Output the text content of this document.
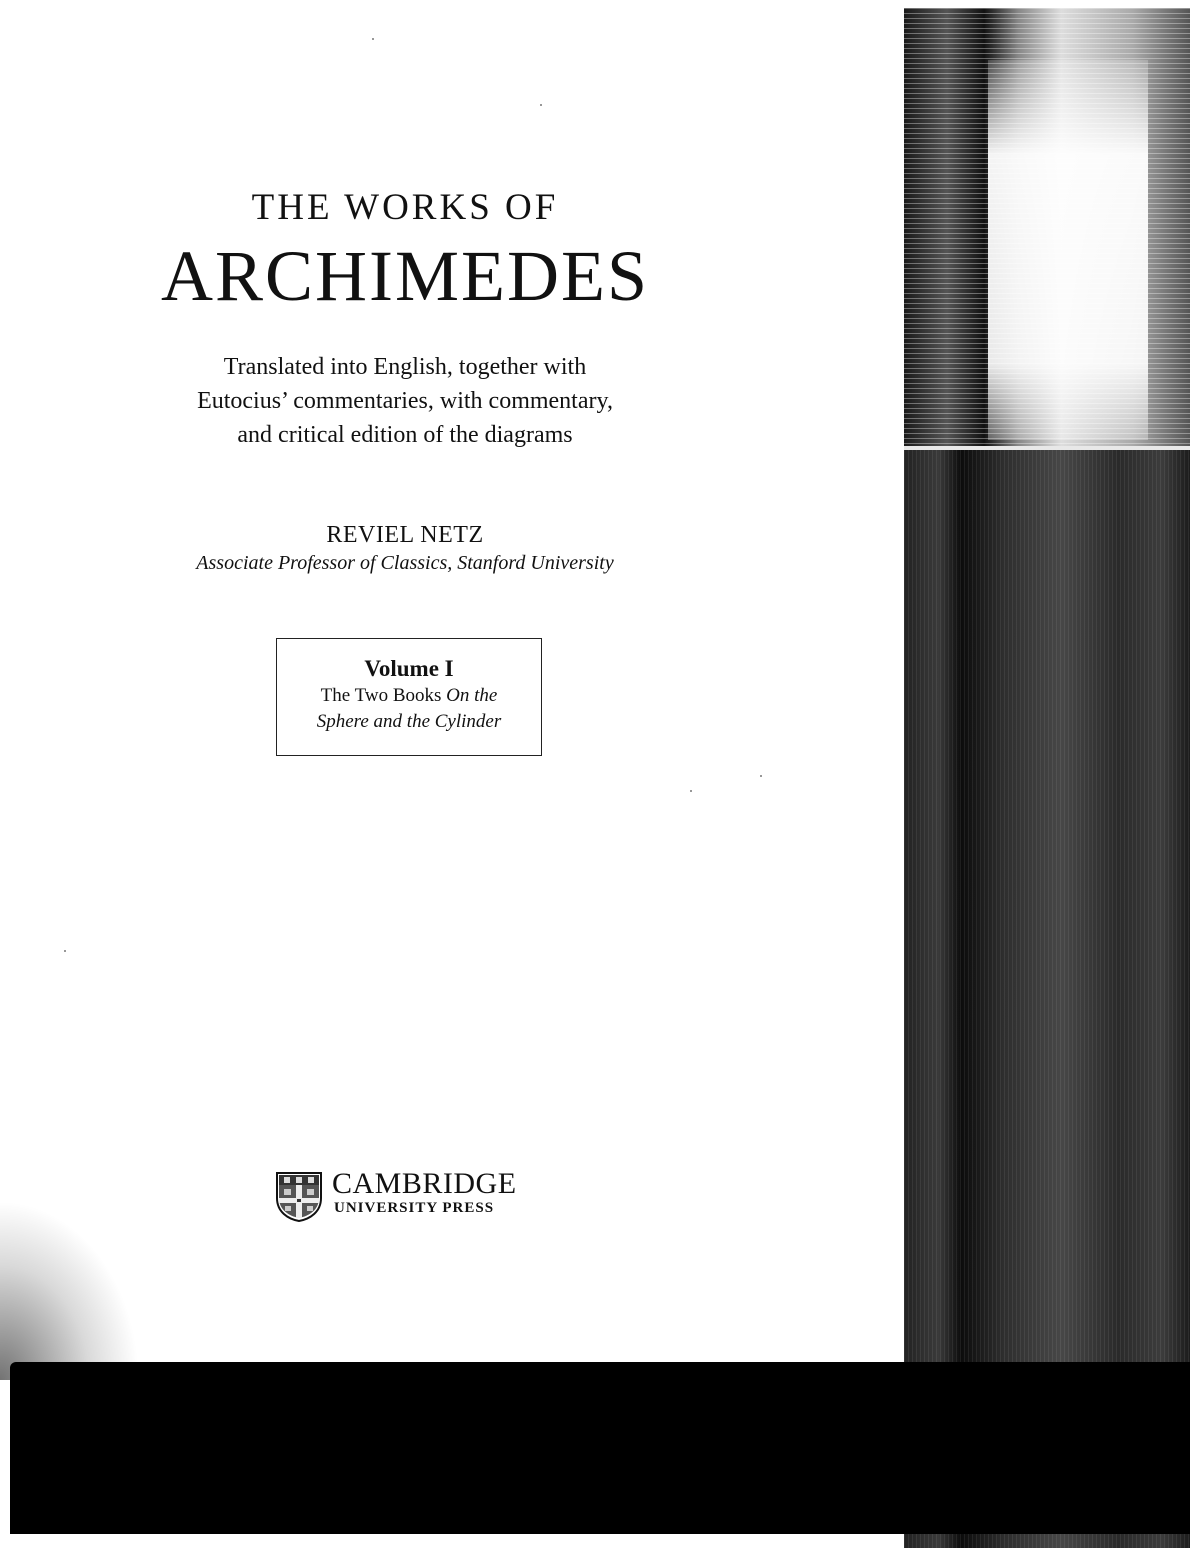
THE WORKS OF
ARCHIMEDES
Translated into English, together with
Eutocius’ commentaries, with commentary,
and critical edition of the diagrams
REVIEL NETZ
Associate Professor of Classics, Stanford University
Volume I
The Two Books On the
Sphere and the Cylinder
CAMBRIDGE
UNIVERSITY PRESS
